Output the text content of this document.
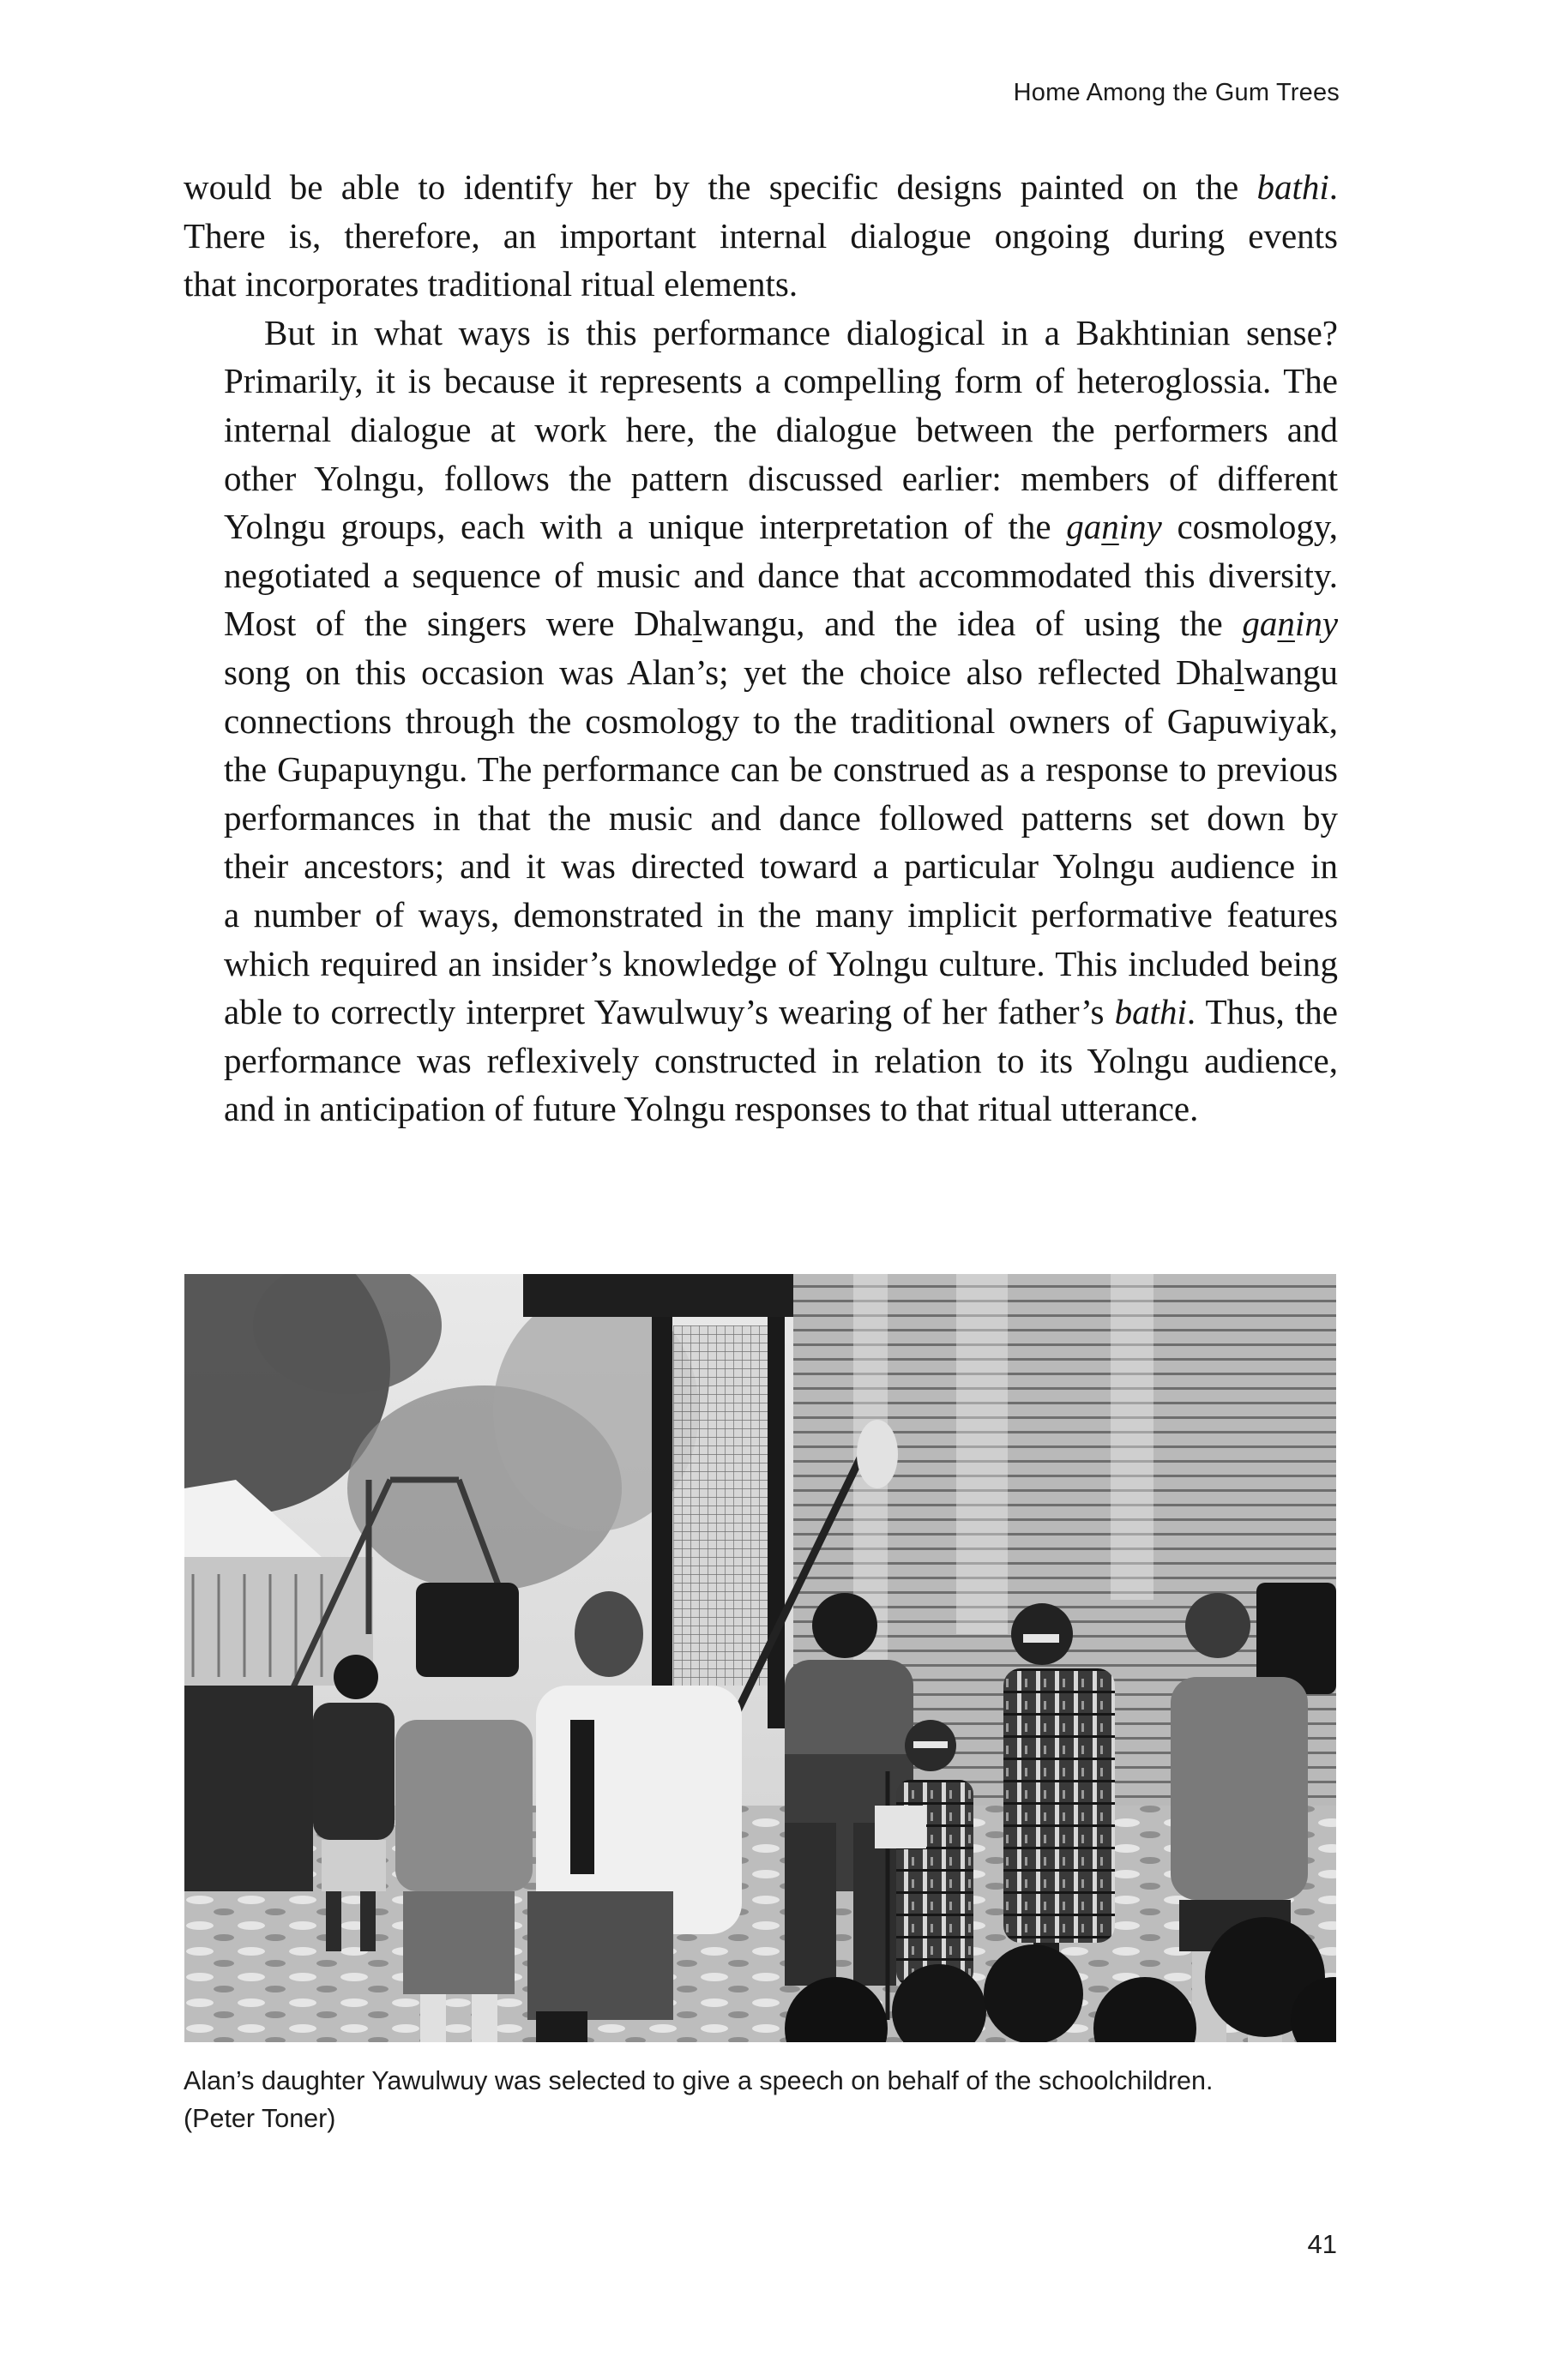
Home Among the Gum Trees

would be able to identify her by the specific designs painted on the bathi.
There is, therefore, an important internal dialogue ongoing during events
that incorporates traditional ritual elements.

But in what ways is this performance dialogical in a Bakhtinian sense?
Primarily, it is because it represents a compelling form of heteroglossia. The
internal dialogue at work here, the dialogue between the performers and
other Yolngu, follows the pattern discussed earlier: members of different
Yolngu groups, each with a unique interpretation of the ganiny cosmology,
negotiated a sequence of music and dance that accommodated this diversity.
Most of the singers were Dhalwangu, and the idea of using the ganiny
song on this occasion was Alan’s; yet the choice also reflected Dhalwangu
connections through the cosmology to the traditional owners of Gapuwiyak,
the Gupapuyngu. The performance can be construed as a response to previous
performances in that the music and dance followed patterns set down by
their ancestors; and it was directed toward a particular Yolngu audience in
a number of ways, demonstrated in the many implicit performative features
which required an insider’s knowledge of Yolngu culture. This included being
able to correctly interpret Yawulwuy’s wearing of her father’s bathi. Thus, the
performance was reflexively constructed in relation to its Yolngu audience,
and in anticipation of future Yolngu responses to that ritual utterance.

Alan’s daughter Yawulwuy was selected to give a speech on behalf of the schoolchildren.
(Peter Toner)
41
